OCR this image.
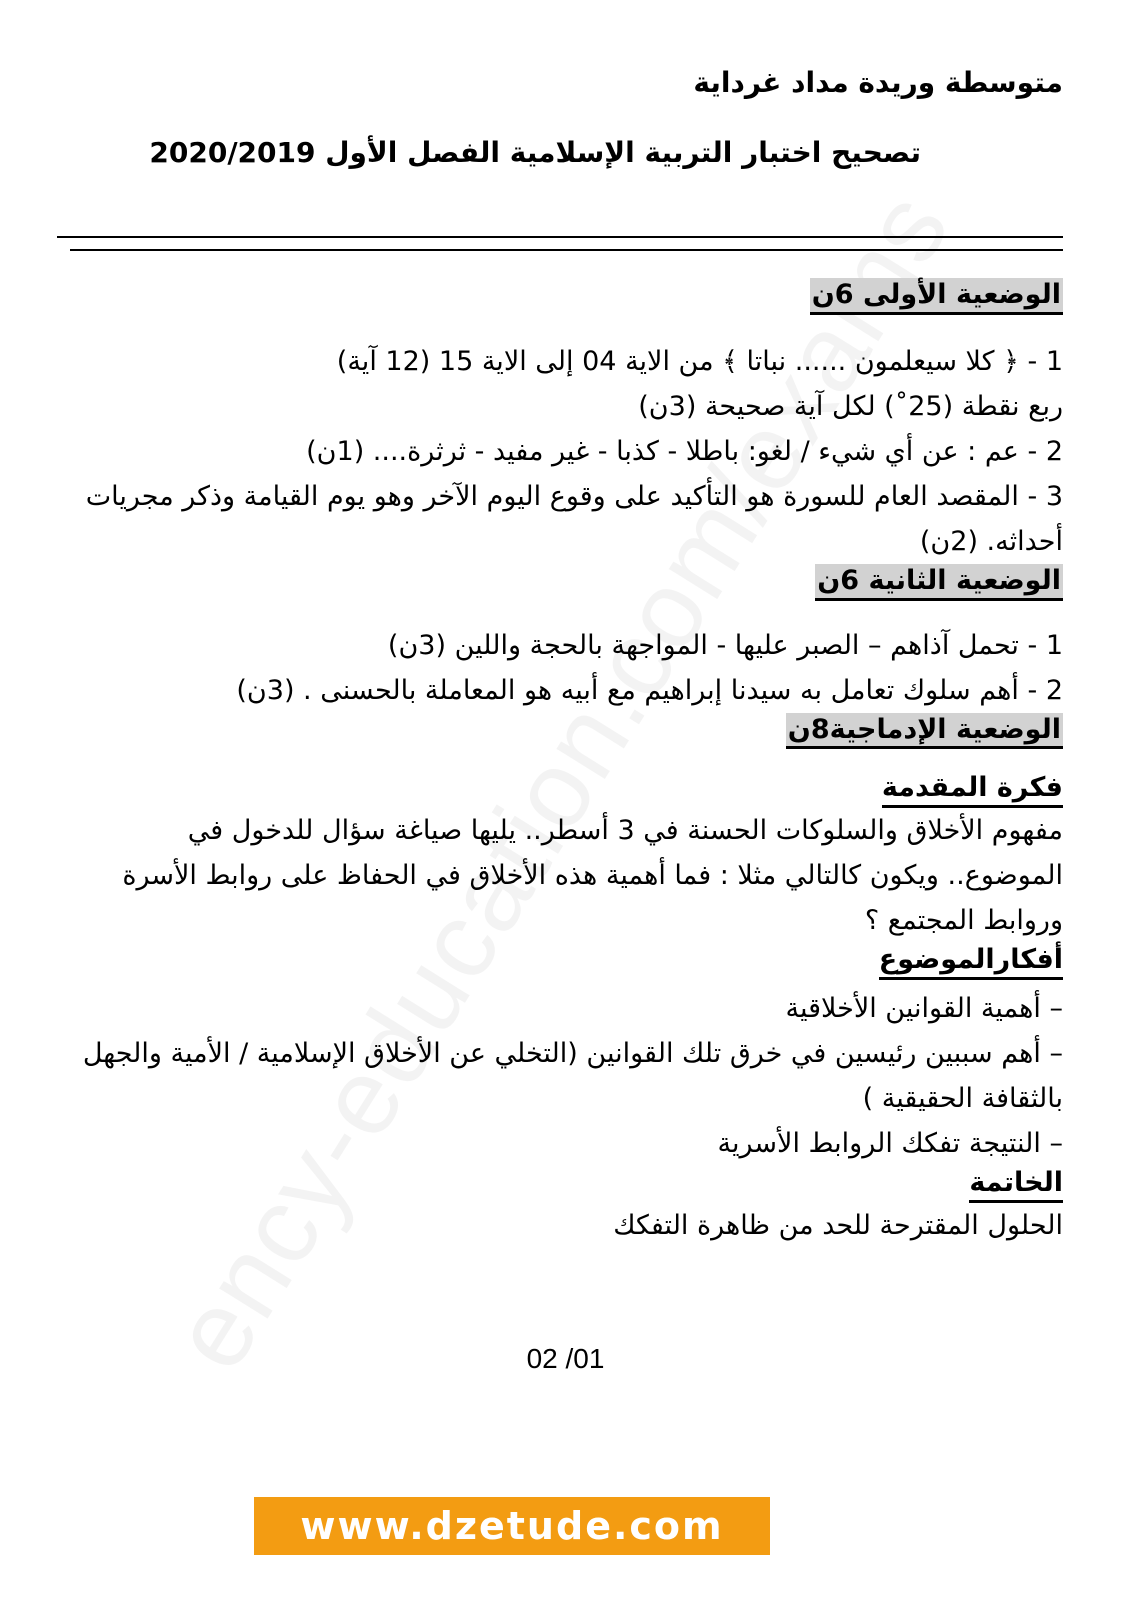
متوسطة وريدة مداد غرداية
تصحيح اختبار التربية الإسلامية الفصل الأول 2020/2019
الوضعية الأولى 6ن

1 - ﴿ كلا سيعلمون ...... نباتا ﴾ من الاية 04 إلى الاية 15 (12 آية)

ربع نقطة (25˚) لكل آية صحيحة (3ن)

2 - عم : عن أي شيء / لغو: باطلا - كذبا - غير مفيد - ثرثرة.... (1ن)

3 - المقصد العام للسورة هو التأكيد على وقوع اليوم الآخر وهو يوم القيامة وذكر مجريات أحداثه. (2ن)

الوضعية الثانية 6ن

1 - تحمل آذاهم – الصبر عليها - المواجهة بالحجة واللين (3ن)

2 - أهم سلوك تعامل به سيدنا إبراهيم مع أبيه هو المعاملة بالحسنى . (3ن)

الوضعية الإدماجية8ن
فكرة المقدمة

مفهوم الأخلاق والسلوكات الحسنة في 3 أسطر.. يليها صياغة سؤال للدخول في الموضوع.. ويكون كالتالي مثلا : فما أهمية هذه الأخلاق في الحفاظ على روابط الأسرة وروابط المجتمع ؟

أفكارالموضوع

– أهمية القوانين الأخلاقية

– أهم سببين رئيسين في خرق تلك القوانين (التخلي عن الأخلاق الإسلامية / الأمية والجهل بالثقافة الحقيقية )

– النتيجة تفكك الروابط الأسرية

الخاتمة

الحلول المقترحة للحد من ظاهرة التفكك

02 /01
www.dzetude.com
